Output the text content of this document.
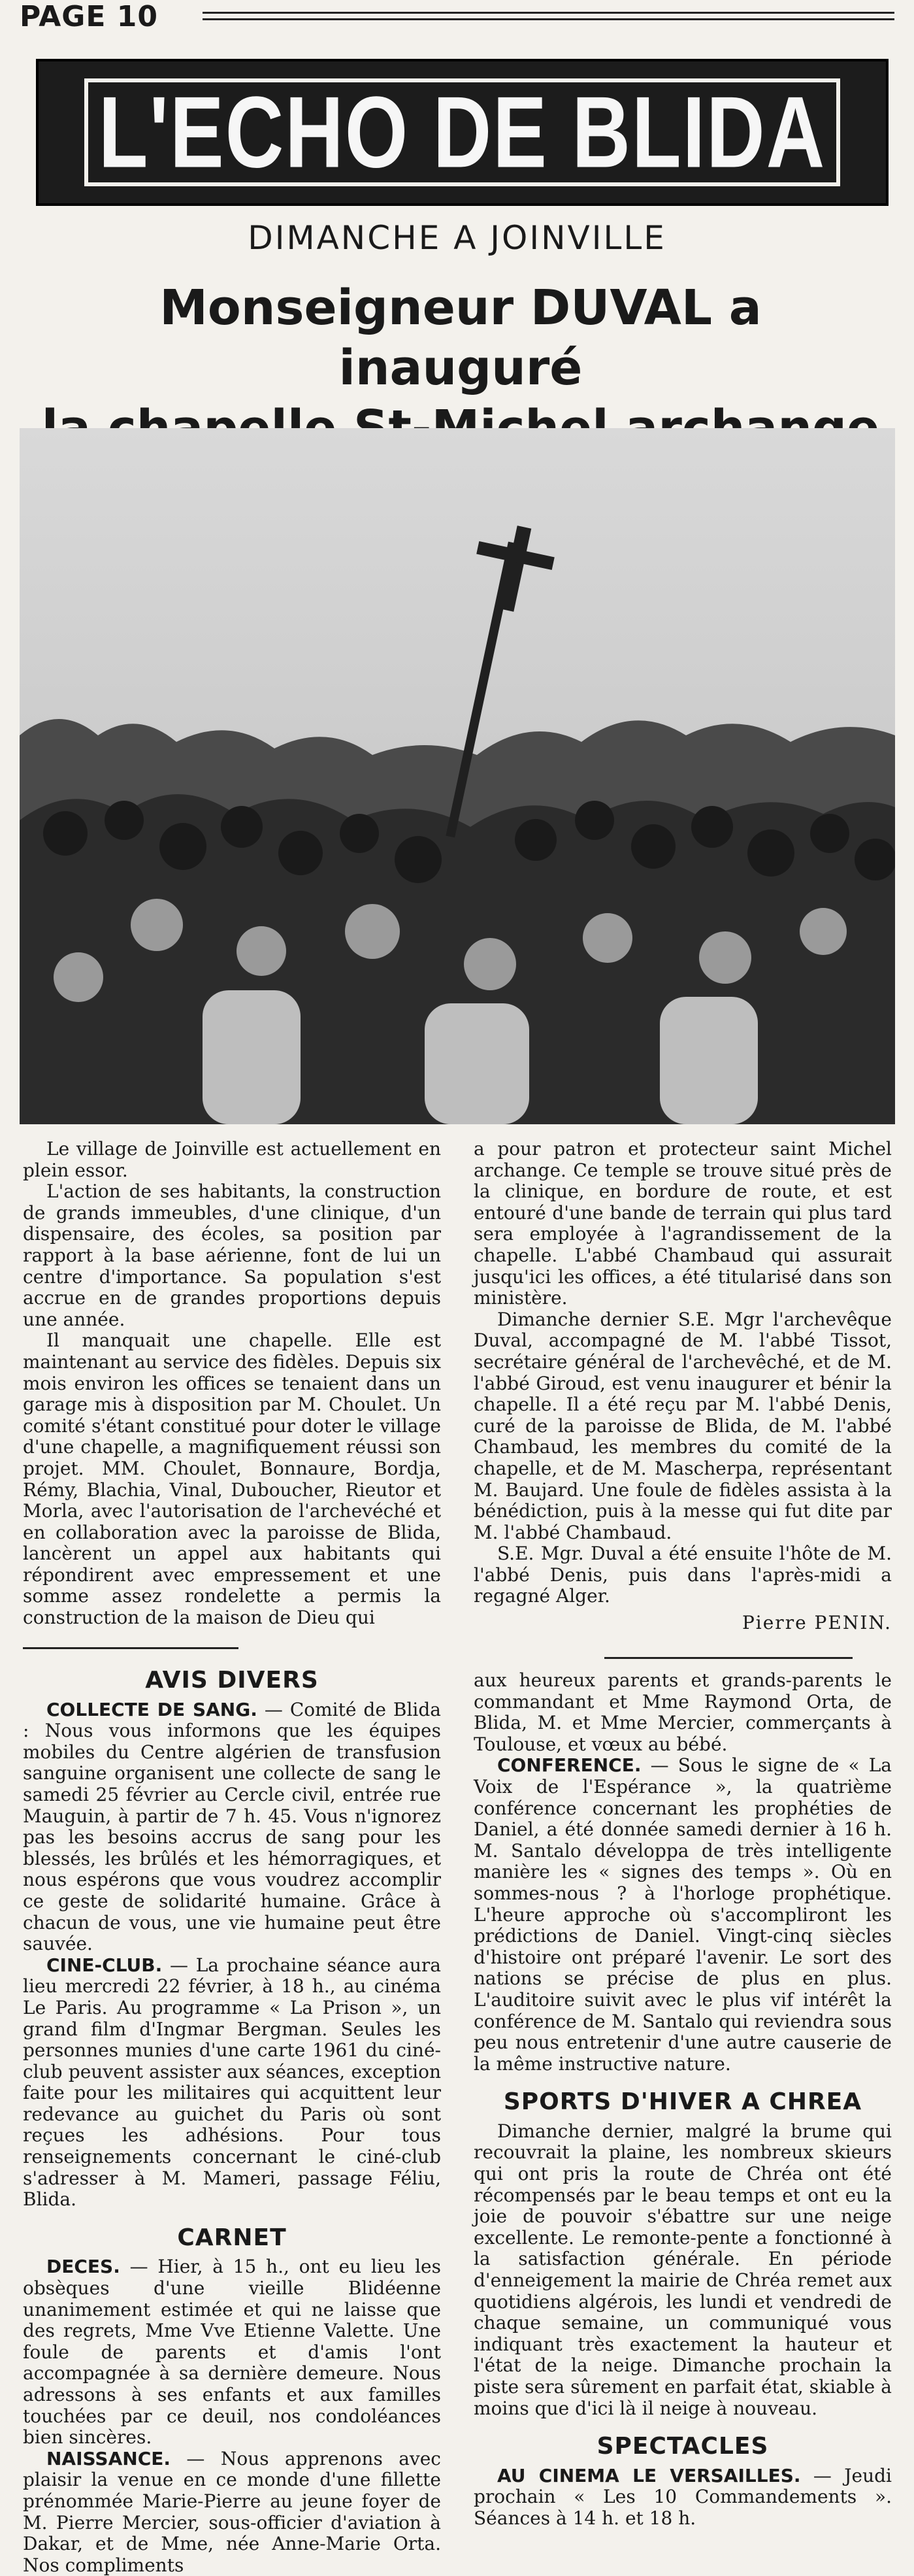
PAGE 10
L'ECHO DE BLIDA
DIMANCHE A JOINVILLE
Monseigneur DUVAL a inauguré

Le village de Joinville est actuellement en plein essor.

L'action de ses habitants, la construction de grands immeubles, d'une clinique, d'un dispensaire, des écoles, sa position par rapport à la base aérienne, font de lui un centre d'importance. Sa population s'est accrue en de grandes proportions depuis une année.

Il manquait une chapelle. Elle est maintenant au service des fidèles. Depuis six mois environ les offices se tenaient dans un garage mis à disposition par M. Choulet. Un comité s'étant constitué pour doter le village d'une chapelle, a magnifiquement réussi son projet. MM. Choulet, Bonnaure, Bordja, Rémy, Blachia, Vinal, Duboucher, Rieutor et Morla, avec l'autorisation de l'archevéché et en collaboration avec la paroisse de Blida, lancèrent un appel aux habitants qui répondirent avec empressement et une somme assez rondelette a permis la construction de la maison de Dieu qui

a pour patron et protecteur saint Michel archange. Ce temple se trouve situé près de la clinique, en bordure de route, et est entouré d'une bande de terrain qui plus tard sera employée à l'agrandissement de la chapelle. L'abbé Chambaud qui assurait jusqu'ici les offices, a été titularisé dans son ministère.

Dimanche dernier S.E. Mgr l'archevêque Duval, accompagné de M. l'abbé Tissot, secrétaire général de l'archevêché, et de M. l'abbé Giroud, est venu inaugurer et bénir la chapelle. Il a été reçu par M. l'abbé Denis, curé de la paroisse de Blida, de M. l'abbé Chambaud, les membres du comité de la chapelle, et de M. Mascherpa, représentant M. Baujard. Une foule de fidèles assista à la bénédiction, puis à la messe qui fut dite par M. l'abbé Chambaud.

S.E. Mgr. Duval a été ensuite l'hôte de M. l'abbé Denis, puis dans l'après-midi a regagné Alger.

Pierre PENIN.

AVIS DIVERS

COLLECTE DE SANG. — Comité de Blida : Nous vous informons que les équipes mobiles du Centre algérien de transfusion sanguine organisent une collecte de sang le samedi 25 février au Cercle civil, entrée rue Mauguin, à partir de 7 h. 45. Vous n'ignorez pas les besoins accrus de sang pour les blessés, les brûlés et les hémorragiques, et nous espérons que vous voudrez accomplir ce geste de solidarité humaine. Grâce à chacun de vous, une vie humaine peut être sauvée.

CINE-CLUB. — La prochaine séance aura lieu mercredi 22 février, à 18 h., au cinéma Le Paris. Au programme « La Prison », un grand film d'Ingmar Bergman. Seules les personnes munies d'une carte 1961 du ciné-club peuvent assister aux séances, exception faite pour les militaires qui acquittent leur redevance au guichet du Paris où sont reçues les adhésions. Pour tous renseignements concernant le ciné-club s'adresser à M. Mameri, passage Féliu, Blida.

CARNET

DECES. — Hier, à 15 h., ont eu lieu les obsèques d'une vieille Blidéenne unanimement estimée et qui ne laisse que des regrets, Mme Vve Etienne Valette. Une foule de parents et d'amis l'ont accompagnée à sa dernière demeure. Nous adressons à ses enfants et aux familles touchées par ce deuil, nos condoléances bien sincères.

NAISSANCE. — Nous apprenons avec plaisir la venue en ce monde d'une fillette prénommée Marie-Pierre au jeune foyer de M. Pierre Mercier, sous-officier d'aviation à Dakar, et de Mme, née Anne-Marie Orta. Nos compliments

aux heureux parents et grands-parents le commandant et Mme Raymond Orta, de Blida, M. et Mme Mercier, commerçants à Toulouse, et vœux au bébé.

CONFERENCE. — Sous le signe de « La Voix de l'Espérance », la quatrième conférence concernant les prophéties de Daniel, a été donnée samedi dernier à 16 h. M. Santalo développa de très intelligente manière les « signes des temps ». Où en sommes-nous ? à l'horloge prophétique. L'heure approche où s'accompliront les prédictions de Daniel. Vingt-cinq siècles d'histoire ont préparé l'avenir. Le sort des nations se précise de plus en plus. L'auditoire suivit avec le plus vif intérêt la conférence de M. Santalo qui reviendra sous peu nous entretenir d'une autre causerie de la même instructive nature.

SPORTS D'HIVER A CHREA

Dimanche dernier, malgré la brume qui recouvrait la plaine, les nombreux skieurs qui ont pris la route de Chréa ont été récompensés par le beau temps et ont eu la joie de pouvoir s'ébattre sur une neige excellente. Le remonte-pente a fonctionné à la satisfaction générale. En période d'enneigement la mairie de Chréa remet aux quotidiens algérois, les lundi et vendredi de chaque semaine, un communiqué vous indiquant très exactement la hauteur et l'état de la neige. Dimanche prochain la piste sera sûrement en parfait état, skiable à moins que d'ici là il neige à nouveau.

SPECTACLES

AU CINEMA LE VERSAILLES. — Jeudi prochain « Les 10 Commandements ». Séances à 14 h. et 18 h.
